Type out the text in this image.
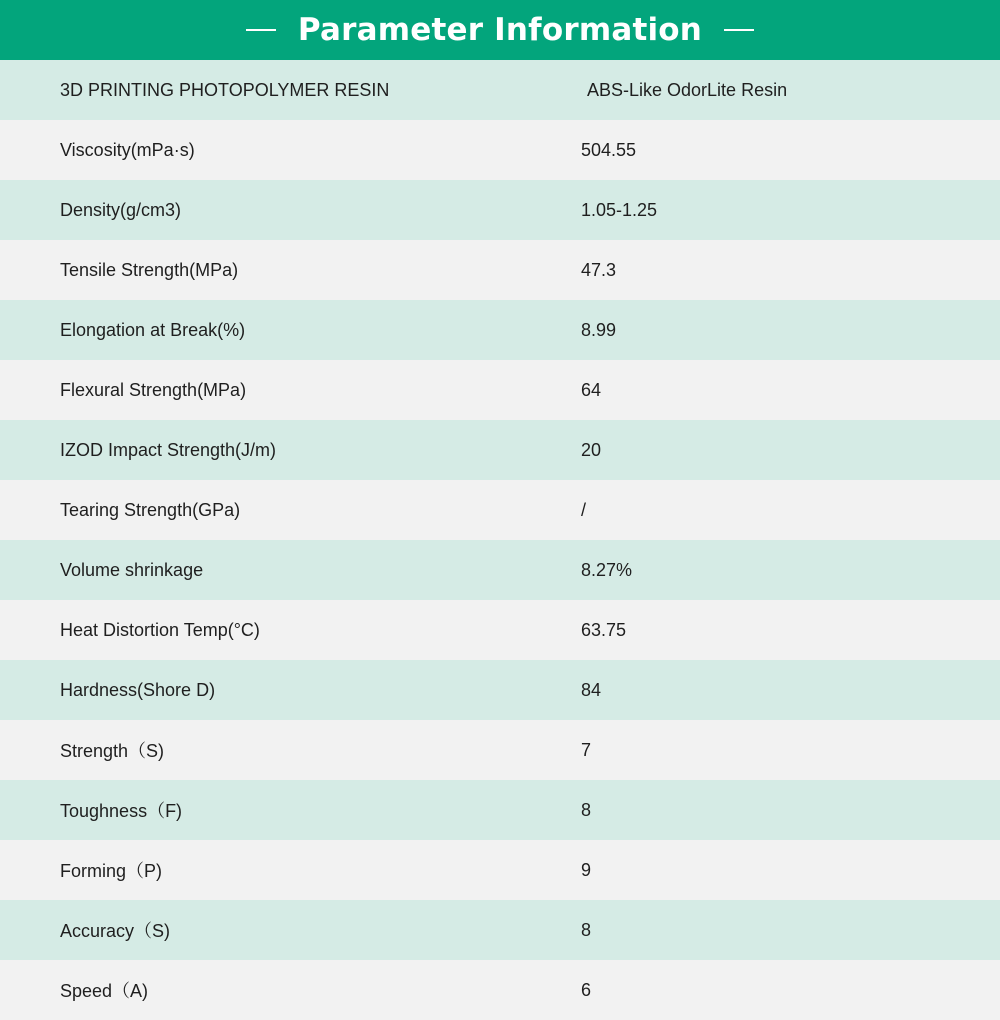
Parameter Information
3D PRINTING PHOTOPOLYMER RESIN	ABS-Like OdorLite Resin
Viscosity(mPa·s)	504.55
Density(g/cm3)	1.05-1.25
Tensile Strength(MPa)	47.3
Elongation at Break(%)	8.99
Flexural Strength(MPa)	64
IZOD Impact Strength(J/m)	20
Tearing Strength(GPa)	/
Volume shrinkage	8.27%
Heat Distortion Temp(°C)	63.75
Hardness(Shore D)	84
Strength（S)	7
Toughness（F)	8
Forming（P)	9
Accuracy（S)	8
Speed（A)	6
